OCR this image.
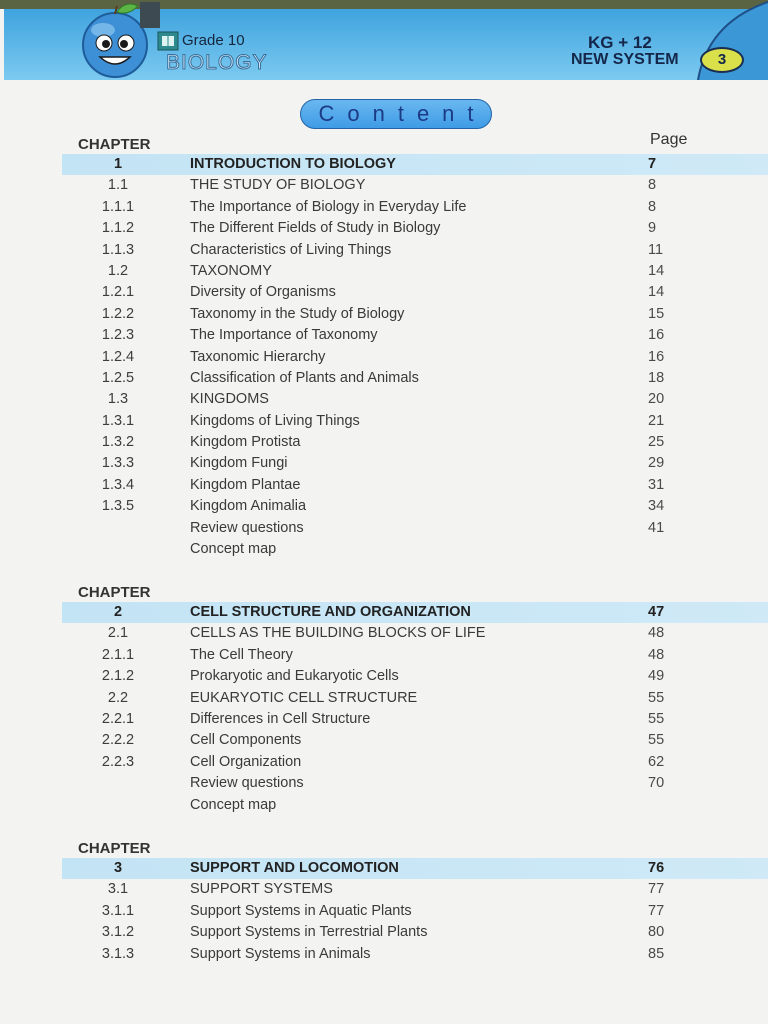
Grade 10
BIOLOGY
KG + 12
NEW SYSTEM	3
Content
Page
CHAPTER
1	INTRODUCTION TO BIOLOGY	7
1.1	THE STUDY OF BIOLOGY	8
1.1.1	The Importance of Biology in Everyday Life	8
1.1.2	The Different Fields of Study in Biology	9
1.1.3	Characteristics of Living Things	11
1.2	TAXONOMY	14
1.2.1	Diversity of Organisms	14
1.2.2	Taxonomy in the Study of Biology	15
1.2.3	The Importance of Taxonomy	16
1.2.4	Taxonomic Hierarchy	16
1.2.5	Classification of Plants and Animals	18
1.3	KINGDOMS	20
1.3.1	Kingdoms of Living Things	21
1.3.2	Kingdom Protista	25
1.3.3	Kingdom Fungi	29
1.3.4	Kingdom Plantae	31
1.3.5	Kingdom Animalia	34
Review questions	41
Concept map
CHAPTER
2	CELL STRUCTURE AND ORGANIZATION	47
2.1	CELLS AS THE BUILDING BLOCKS OF LIFE	48
2.1.1	The Cell Theory	48
2.1.2	Prokaryotic and Eukaryotic Cells	49
2.2	EUKARYOTIC CELL STRUCTURE	55
2.2.1	Differences in Cell Structure	55
2.2.2	Cell Components	55
2.2.3	Cell Organization	62
Review questions	70
Concept map
CHAPTER
3	SUPPORT AND LOCOMOTION	76
3.1	SUPPORT SYSTEMS	77
3.1.1	Support Systems in Aquatic Plants	77
3.1.2	Support Systems in Terrestrial Plants	80
3.1.3	Support Systems in Animals	85
